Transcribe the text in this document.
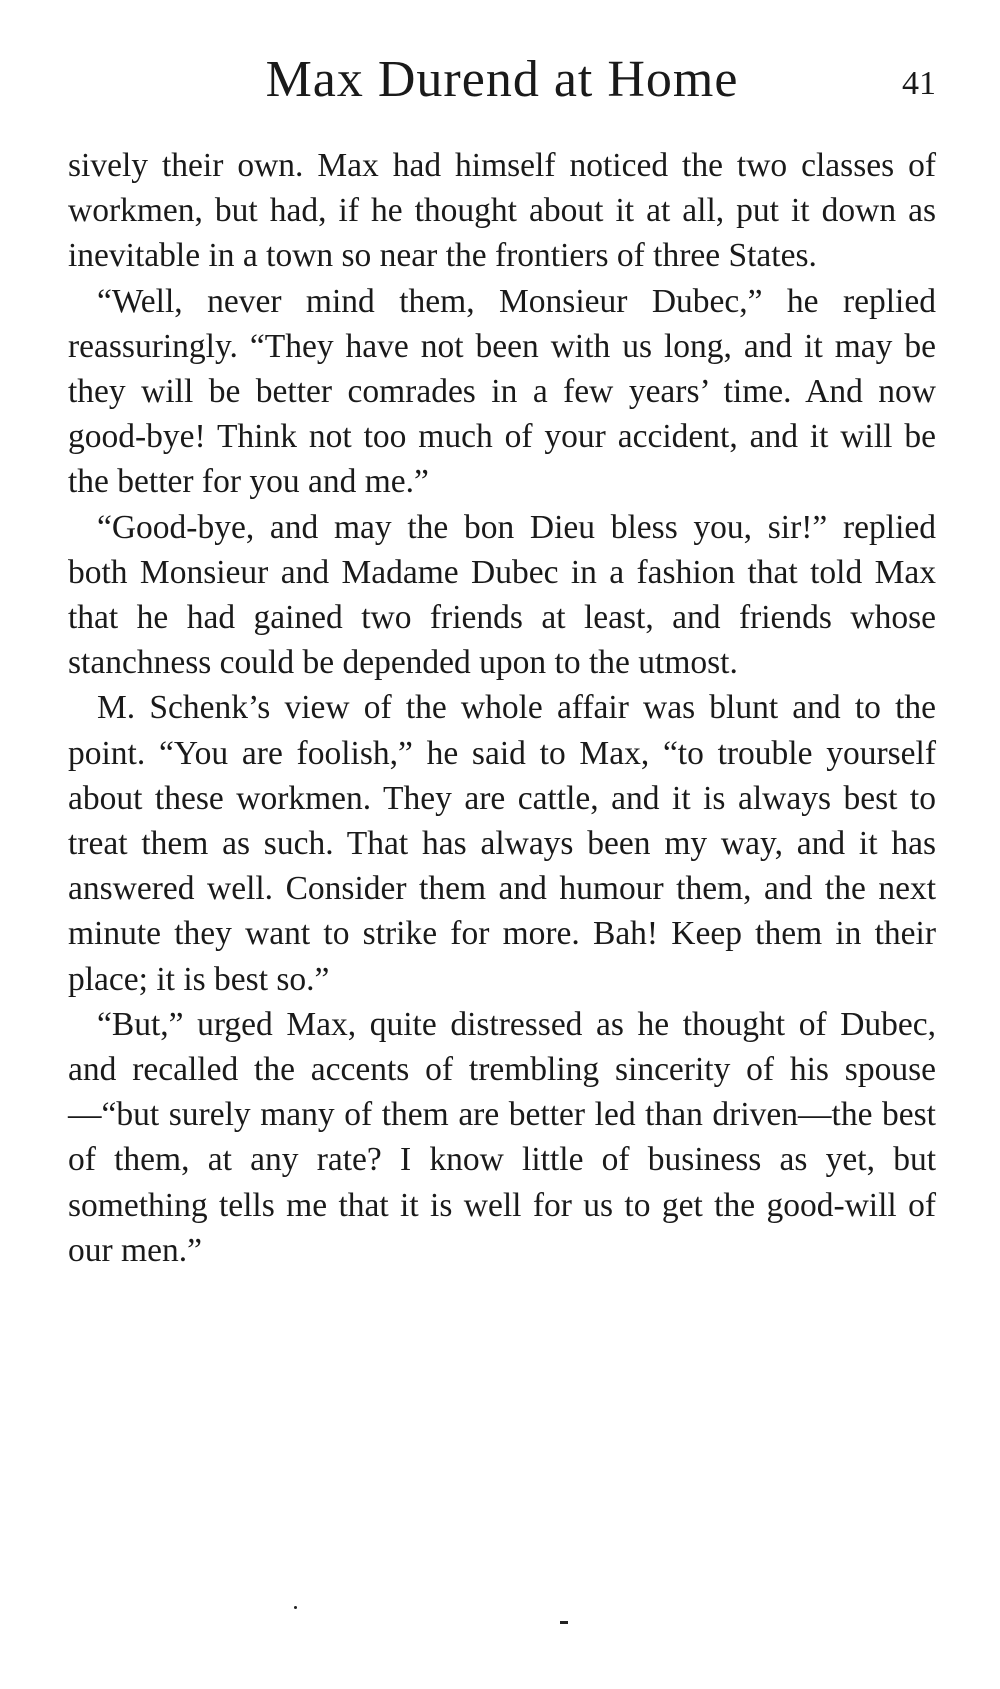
Max Durend at Home	41

sively their own. Max had himself noticed the two classes of workmen, but had, if he thought about it at all, put it down as inevitable in a town so near the frontiers of three States.

“Well, never mind them, Monsieur Dubec,” he replied reassuringly. “They have not been with us long, and it may be they will be better comrades in a few years’ time. And now good-bye! Think not too much of your accident, and it will be the better for you and me.”

“Good-bye, and may the bon Dieu bless you, sir!” replied both Monsieur and Madame Dubec in a fashion that told Max that he had gained two friends at least, and friends whose stanchness could be depended upon to the utmost.

M. Schenk’s view of the whole affair was blunt and to the point. “You are foolish,” he said to Max, “to trouble yourself about these workmen. They are cattle, and it is always best to treat them as such. That has always been my way, and it has answered well. Consider them and humour them, and the next minute they want to strike for more. Bah! Keep them in their place; it is best so.”

“But,” urged Max, quite distressed as he thought of Dubec, and recalled the accents of trembling sincerity of his spouse—“but surely many of them are better led than driven—the best of them, at any rate? I know little of business as yet, but something tells me that it is well for us to get the good-will of our men.”
